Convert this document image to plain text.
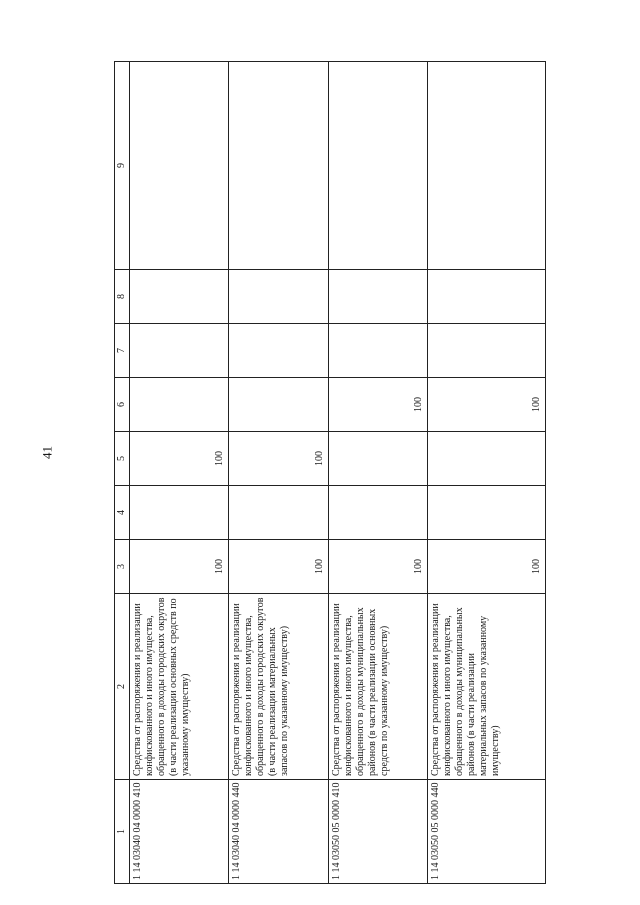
41
1	2	3	4	5	6	7	8	9
1 14 03040 04 0000 410	Средства от распоряжения и реализации конфискованного и иного имущества, обращенного в доходы городских округов (в части реализации основных средств по указанному имуществу)	100		100				
1 14 03040 04 0000 440	Средства от распоряжения и реализации конфискованного и иного имущества, обращенного в доходы городских округов (в части реализации материальных запасов по указанному имуществу)	100		100				
1 14 03050 05 0000 410	Средства от распоряжения и реализации конфискованного и иного имущества, обращенного в доходы муниципальных районов (в части реализации основных средств по указанному имуществу)	100			100			
1 14 03050 05 0000 440	Средства от распоряжения и реализации конфискованного и иного имущества, обращенного в доходы муниципальных районов (в части реализации материальных запасов по указанному имуществу)	100			100			
